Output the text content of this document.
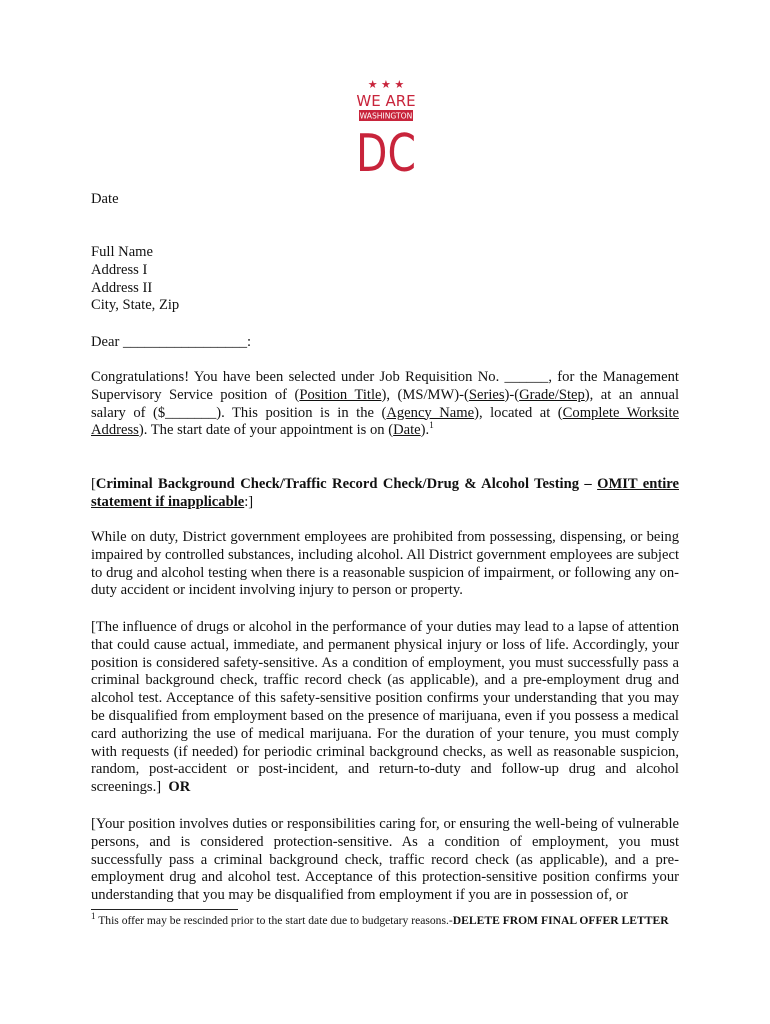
★ ★ ★
WE ARE
WASHINGTON
DC

Date

Full Name

Address I

Address II

City, State, Zip

Dear _________________:

Congratulations! You have been selected under Job Requisition No. ______, for the Management Supervisory Service position of (Position Title), (MS/MW)-(Series)-(Grade/Step), at an annual salary of ($_______). This position is in the (Agency Name), located at (Complete Worksite Address). The start date of your appointment is on (Date).$^1$

[Criminal Background Check/Traffic Record Check/Drug & Alcohol Testing – OMIT entire statement if inapplicable:]

While on duty, District government employees are prohibited from possessing, dispensing, or being impaired by controlled substances, including alcohol. All District government employees are subject to drug and alcohol testing when there is a reasonable suspicion of impairment, or following any on-duty accident or incident involving injury to person or property.

[The influence of drugs or alcohol in the performance of your duties may lead to a lapse of attention that could cause actual, immediate, and permanent physical injury or loss of life. Accordingly, your position is considered safety-sensitive. As a condition of employment, you must successfully pass a criminal background check, traffic record check (as applicable), and a pre-employment drug and alcohol test. Acceptance of this safety-sensitive position confirms your understanding that you may be disqualified from employment based on the presence of marijuana, even if you possess a medical card authorizing the use of medical marijuana. For the duration of your tenure, you must comply with requests (if needed) for periodic criminal background checks, as well as reasonable suspicion, random, post-accident or post-incident, and return-to-duty and follow-up drug and alcohol screenings.] OR

[Your position involves duties or responsibilities caring for, or ensuring the well-being of vulnerable persons, and is considered protection-sensitive. As a condition of employment, you must successfully pass a criminal background check, traffic record check (as applicable), and a pre-employment drug and alcohol test. Acceptance of this protection-sensitive position confirms your understanding that you may be disqualified from employment if you are in possession of, or

$^1$ This offer may be rescinded prior to the start date due to budgetary reasons.-DELETE FROM FINAL OFFER LETTER
